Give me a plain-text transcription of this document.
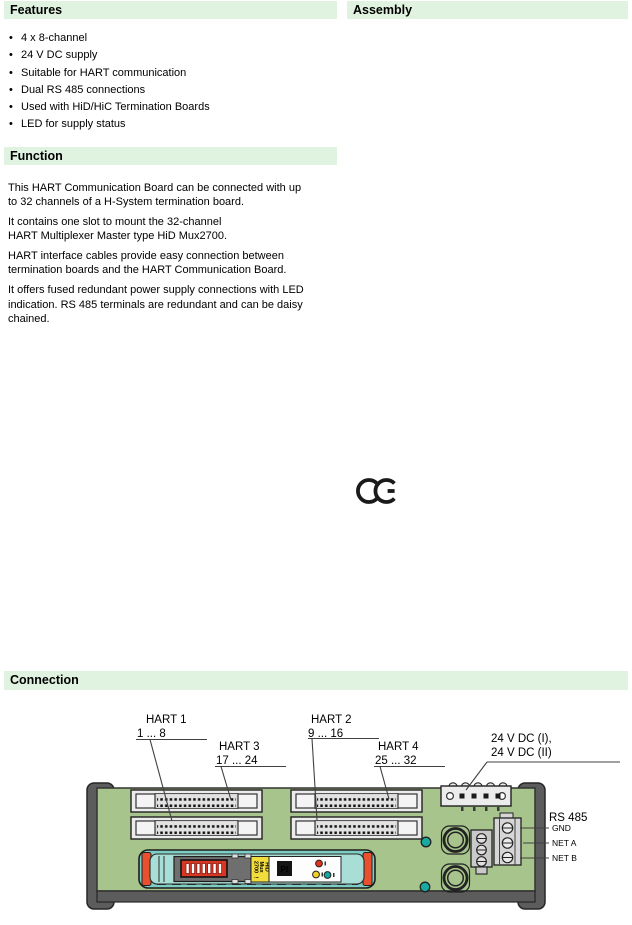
Features	Assembly
Function
Connection
• 4 x 8-channel
• 24 V DC supply
• Suitable for HART communication
• Dual RS 485 connections
• Used with HiD/HiC Termination Boards
• LED for supply status
This HART Communication Board can be connected with up
to 32 channels of a H-System termination board.
It contains one slot to mount the 32-channel
HART Multiplexer Master type HiD Mux2700.
HART interface cables provide easy connection between
termination boards and the HART Communication Board.
It offers fused redundant power supply connections with LED
indication. RS 485 terminals are redundant and can be daisy
chained.
HiD
Mux
2700
!
Pf
HART 1
1 ... 8
HART 3
17 ... 24
HART 2
9 ... 16
HART 4
25 ... 32
24 V DC (I),
24 V DC (II)
RS 485
GND
NET A
NET B
